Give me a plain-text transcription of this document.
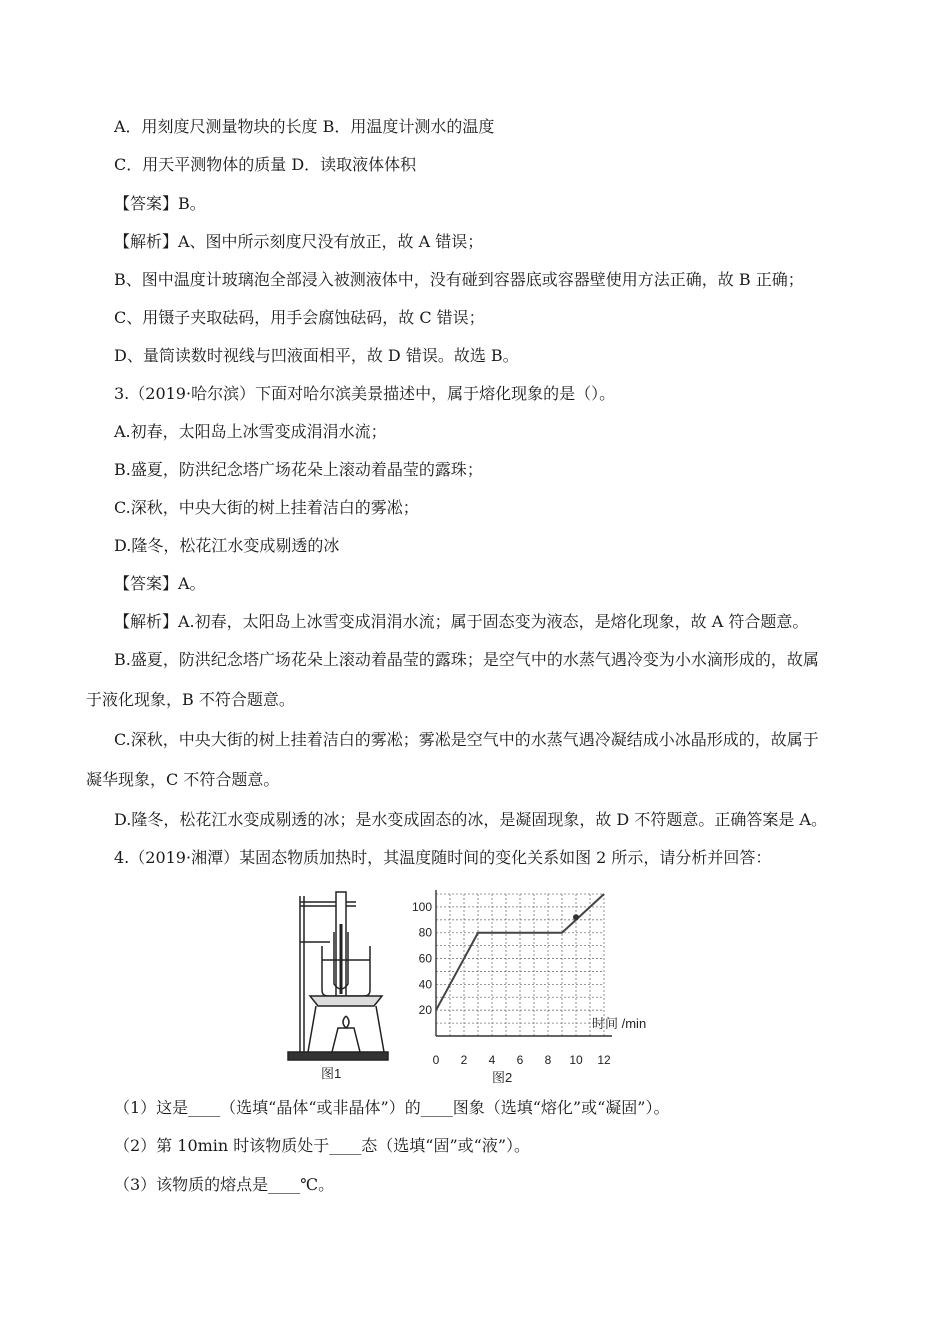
A．用刻度尺测量物块的长度 B．用温度计测水的温度
C．用天平测物体的质量 D．读取液体体积
【答案】B。
【解析】A、图中所示刻度尺没有放正，故 A 错误；
B、图中温度计玻璃泡全部浸入被测液体中，没有碰到容器底或容器壁使用方法正确，故 B 正确；
C、用镊子夹取砝码，用手会腐蚀砝码，故 C 错误；
D、量筒读数时视线与凹液面相平，故 D 错误。故选 B。
3.（2019·哈尔滨）下面对哈尔滨美景描述中，属于熔化现象的是（）。
A.初春，太阳岛上冰雪变成涓涓水流；
B.盛夏，防洪纪念塔广场花朵上滚动着晶莹的露珠；
C.深秋，中央大街的树上挂着洁白的雾凇；
D.隆冬，松花江水变成剔透的冰
【答案】A。
【解析】A.初春，太阳岛上冰雪变成涓涓水流；属于固态变为液态，是熔化现象，故 A 符合题意。
B.盛夏，防洪纪念塔广场花朵上滚动着晶莹的露珠；是空气中的水蒸气遇冷变为小水滴形成的，故属
于液化现象，B 不符合题意。
C.深秋，中央大街的树上挂着洁白的雾凇；雾凇是空气中的水蒸气遇冷凝结成小冰晶形成的，故属于
凝华现象，C 不符合题意。
D.隆冬，松花江水变成剔透的冰；是水变成固态的冰，是凝固现象，故 D 不符题意。正确答案是 A。
4.（2019·湘潭）某固态物质加热时，其温度随时间的变化关系如图 2 所示，请分析并回答：
图1
0 2 4 6 8 10 12
20
40
60
80
100
时间 /min
图2
（1）这是____（选填“晶体“或非晶体”）的____图象（选填“熔化”或“凝固”）。
（2）第 10min 时该物质处于____态（选填“固”或“液”）。
（3）该物质的熔点是____℃。
